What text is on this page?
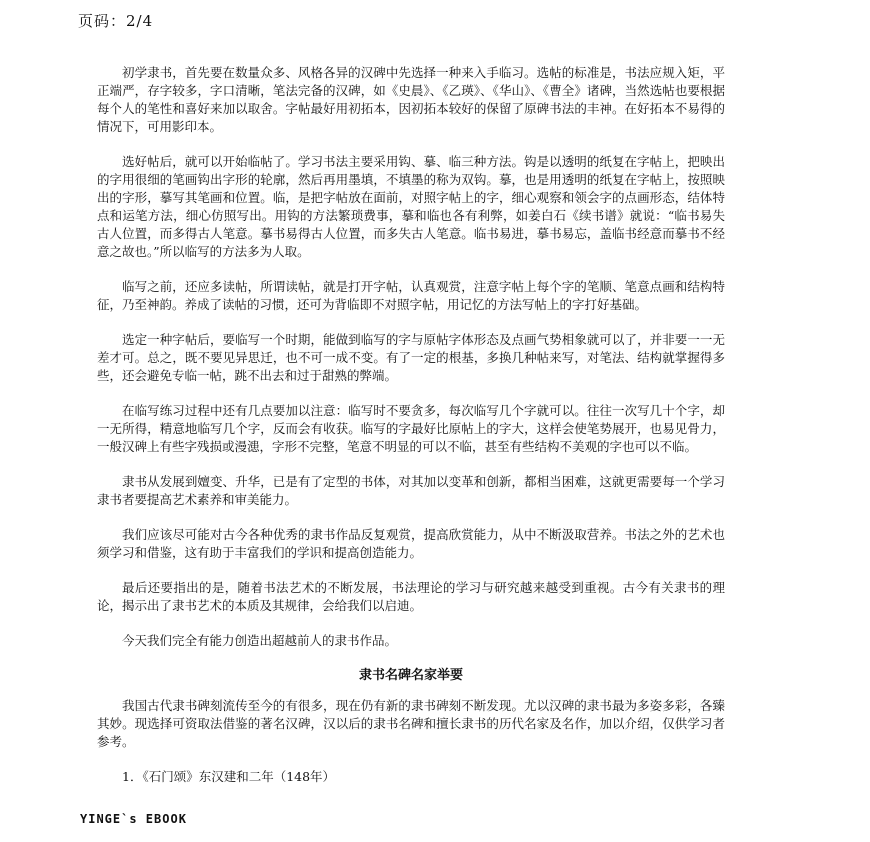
页码：2/4

初学隶书，首先要在数量众多、风格各异的汉碑中先选择一种来入手临习。选帖的标准是，书法应规入矩，平正端严，存字较多，字口清晰，笔法完备的汉碑，如《史晨》、《乙瑛》、《华山》、《曹全》诸碑，当然选帖也要根据每个人的笔性和喜好来加以取舍。字帖最好用初拓本，因初拓本较好的保留了原碑书法的丰神。在好拓本不易得的情况下，可用影印本。

选好帖后，就可以开始临帖了。学习书法主要采用钩、摹、临三种方法。钩是以透明的纸复在字帖上，把映出的字用很细的笔画钩出字形的轮廓，然后再用墨填，不填墨的称为双钩。摹，也是用透明的纸复在字帖上，按照映出的字形，摹写其笔画和位置。临，是把字帖放在面前，对照字帖上的字，细心观察和领会字的点画形态，结体特点和运笔方法，细心仿照写出。用钩的方法繁琐费事，摹和临也各有利弊，如姜白石《续书谱》就说：“临书易失古人位置，而多得古人笔意。摹书易得古人位置，而多失古人笔意。临书易进，摹书易忘，盖临书经意而摹书不经意之故也。”所以临写的方法多为人取。

临写之前，还应多读帖，所谓读帖，就是打开字帖，认真观赏，注意字帖上每个字的笔顺、笔意点画和结构特征，乃至神韵。养成了读帖的习惯，还可为背临即不对照字帖，用记忆的方法写帖上的字打好基础。

选定一种字帖后，要临写一个时期，能做到临写的字与原帖字体形态及点画气势相象就可以了，并非要一一无差才可。总之，既不要见异思迁，也不可一成不变。有了一定的根基，多换几种帖来写，对笔法、结构就掌握得多些，还会避免专临一帖，跳不出去和过于甜熟的弊端。

在临写练习过程中还有几点要加以注意：临写时不要贪多，每次临写几个字就可以。往往一次写几十个字，却一无所得，精意地临写几个字，反而会有收获。临写的字最好比原帖上的字大，这样会使笔势展开，也易见骨力，一般汉碑上有些字残损或漫漶，字形不完整，笔意不明显的可以不临，甚至有些结构不美观的字也可以不临。

隶书从发展到嬗变、升华，已是有了定型的书体，对其加以变革和创新，都相当困难，这就更需要每一个学习隶书者要提高艺术素养和审美能力。

我们应该尽可能对古今各种优秀的隶书作品反复观赏，提高欣赏能力，从中不断汲取营养。书法之外的艺术也须学习和借鉴，这有助于丰富我们的学识和提高创造能力。

最后还要指出的是，随着书法艺术的不断发展，书法理论的学习与研究越来越受到重视。古今有关隶书的理论，揭示出了隶书艺术的本质及其规律，会给我们以启迪。

今天我们完全有能力创造出超越前人的隶书作品。

隶书名碑名家举要

我国古代隶书碑刻流传至今的有很多，现在仍有新的隶书碑刻不断发现。尤以汉碑的隶书最为多姿多彩，各臻其妙。现选择可资取法借鉴的著名汉碑，汉以后的隶书名碑和擅长隶书的历代名家及名作，加以介绍，仅供学习者参考。

1．《石门颂》东汉建和二年（148年）

YINGE`s EBOOK
